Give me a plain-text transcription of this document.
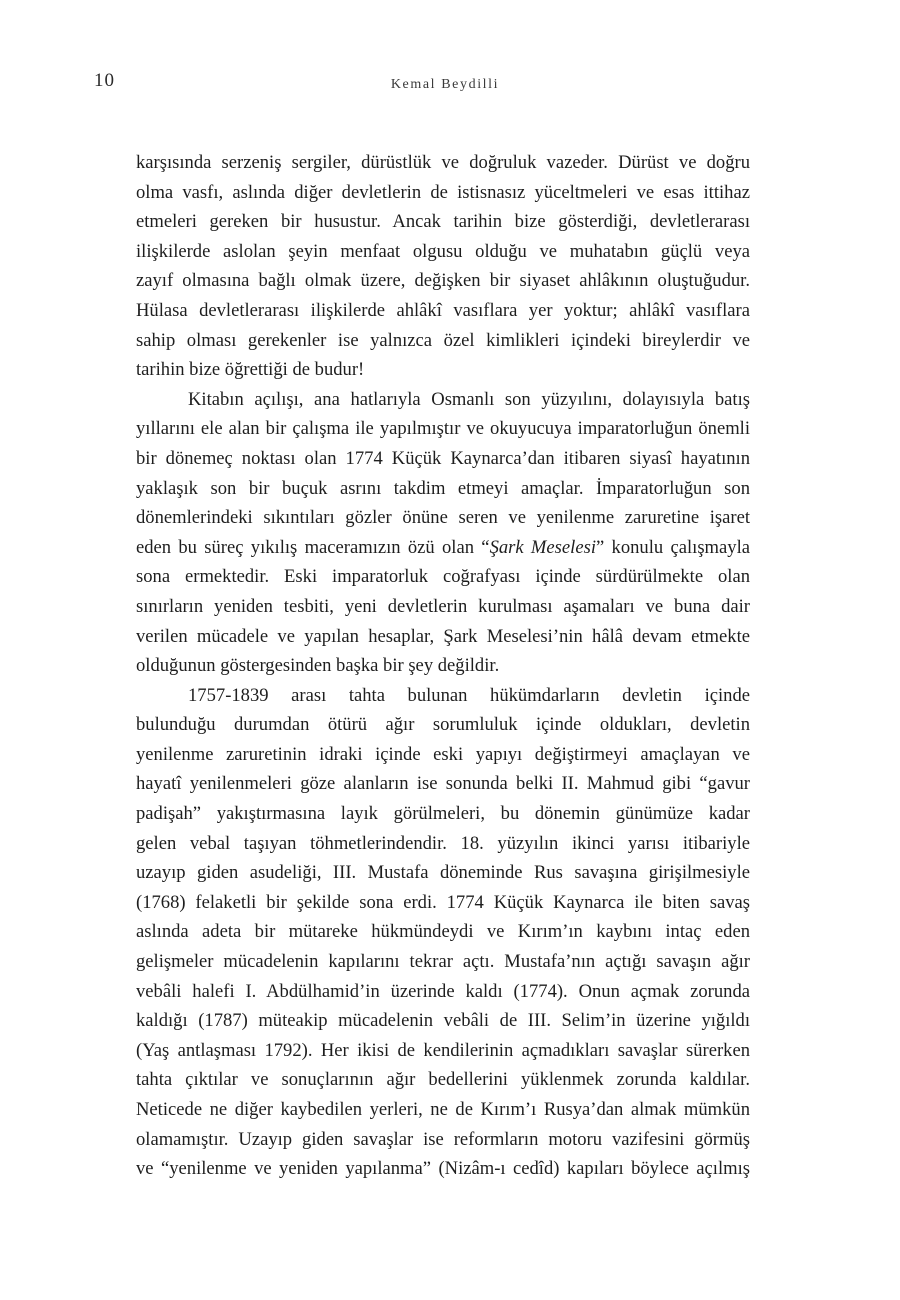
10	Kemal Beydilli
karşısında serzeniş sergiler, dürüstlük ve doğruluk vazeder. Dürüst ve doğru
olma vasfı, aslında diğer devletlerin de istisnasız yüceltmeleri ve esas ittihaz
etmeleri gereken bir husustur. Ancak tarihin bize gösterdiği, devletlerarası
ilişkilerde aslolan şeyin menfaat olgusu olduğu ve muhatabın güçlü veya
zayıf olmasına bağlı olmak üzere, değişken bir siyaset ahlâkının oluştuğudur.
Hülasa devletlerarası ilişkilerde ahlâkî vasıflara yer yoktur; ahlâkî vasıflara
sahip olması gerekenler ise yalnızca özel kimlikleri içindeki bireylerdir ve
tarihin bize öğrettiği de budur!
Kitabın açılışı, ana hatlarıyla Osmanlı son yüzyılını, dolayısıyla batış
yıllarını ele alan bir çalışma ile yapılmıştır ve okuyucuya imparatorluğun önemli
bir dönemeç noktası olan 1774 Küçük Kaynarca’dan itibaren siyasî hayatının
yaklaşık son bir buçuk asrını takdim etmeyi amaçlar. İmparatorluğun son
dönemlerindeki sıkıntıları gözler önüne seren ve yenilenme zaruretine işaret
eden bu süreç yıkılış maceramızın özü olan “Şark Meselesi” konulu çalışmayla
sona ermektedir. Eski imparatorluk coğrafyası içinde sürdürülmekte olan
sınırların yeniden tesbiti, yeni devletlerin kurulması aşamaları ve buna dair
verilen mücadele ve yapılan hesaplar, Şark Meselesi’nin hâlâ devam etmekte
olduğunun göstergesinden başka bir şey değildir.
1757-1839 arası tahta bulunan hükümdarların devletin içinde
bulunduğu durumdan ötürü ağır sorumluluk içinde oldukları, devletin
yenilenme zaruretinin idraki içinde eski yapıyı değiştirmeyi amaçlayan ve
hayatî yenilenmeleri göze alanların ise sonunda belki II. Mahmud gibi “gavur
padişah” yakıştırmasına layık görülmeleri, bu dönemin günümüze kadar
gelen vebal taşıyan töhmetlerindendir. 18. yüzyılın ikinci yarısı itibariyle
uzayıp giden asudeliği, III. Mustafa döneminde Rus savaşına girişilmesiyle
(1768) felaketli bir şekilde sona erdi. 1774 Küçük Kaynarca ile biten savaş
aslında adeta bir mütareke hükmündeydi ve Kırım’ın kaybını intaç eden
gelişmeler mücadelenin kapılarını tekrar açtı. Mustafa’nın açtığı savaşın ağır
vebâli halefi I. Abdülhamid’in üzerinde kaldı (1774). Onun açmak zorunda
kaldığı (1787) müteakip mücadelenin vebâli de III. Selim’in üzerine yığıldı
(Yaş antlaşması 1792). Her ikisi de kendilerinin açmadıkları savaşlar sürerken
tahta çıktılar ve sonuçlarının ağır bedellerini yüklenmek zorunda kaldılar.
Neticede ne diğer kaybedilen yerleri, ne de Kırım’ı Rusya’dan almak mümkün
olamamıştır. Uzayıp giden savaşlar ise reformların motoru vazifesini görmüş
ve “yenilenme ve yeniden yapılanma” (Nizâm-ı cedîd) kapıları böylece açılmış
